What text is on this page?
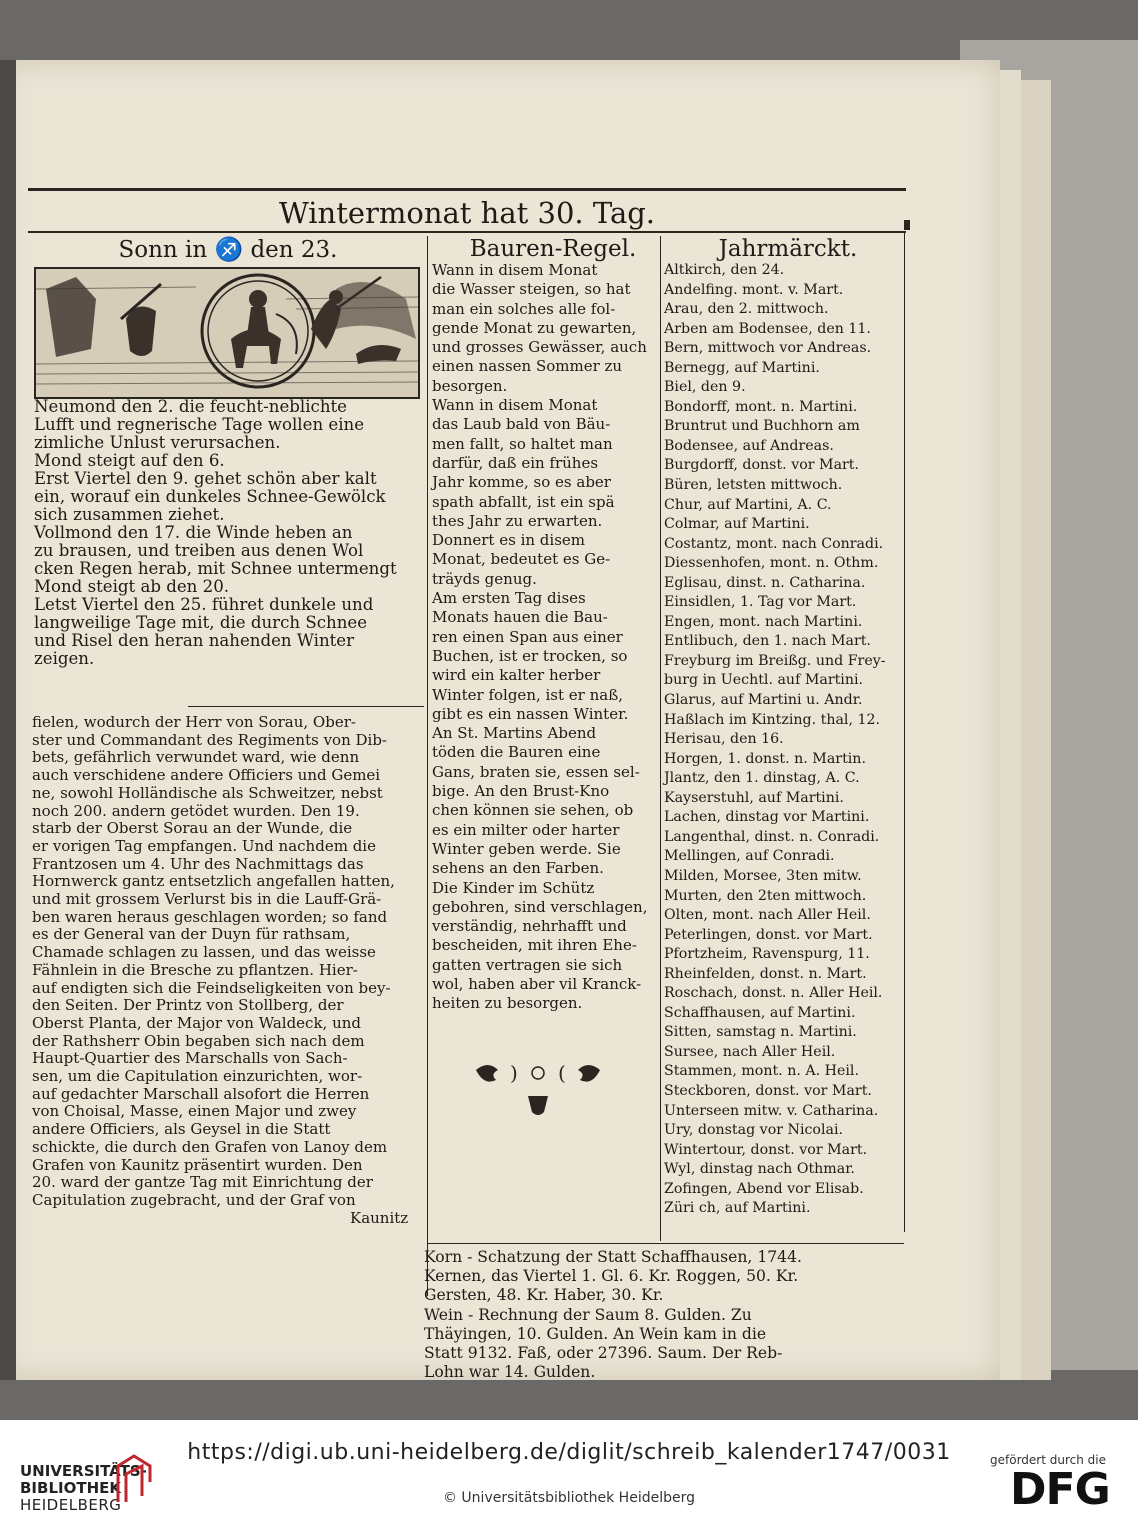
Wintermonat hat 30. Tag.
Sonn in ♐ den 23.	Bauren-Regel.	Jahrmärckt.
Neumond den 2. die feucht-neblichte
Lufft und regnerische Tage wollen eine
zimliche Unlust verursachen.
Mond steigt auf den 6.
Erst Viertel den 9. gehet schön aber kalt
ein, worauf ein dunkeles Schnee-Gewölck
sich zusammen ziehet.
Vollmond den 17. die Winde heben an
zu brausen, und treiben aus denen Wol
cken Regen herab, mit Schnee untermengt
Mond steigt ab den 20.
Letst Viertel den 25. führet dunkele und
langweilige Tage mit, die durch Schnee
und Risel den heran nahenden Winter
zeigen.
fielen, wodurch der Herr von Sorau, Ober-
ster und Commandant des Regiments von Dib-
bets, gefährlich verwundet ward, wie denn
auch verschidene andere Officiers und Gemei
ne, sowohl Holländische als Schweitzer, nebst
noch 200. andern getödet wurden. Den 19.
starb der Oberst Sorau an der Wunde, die
er vorigen Tag empfangen. Und nachdem die
Frantzosen um 4. Uhr des Nachmittags das
Hornwerck gantz entsetzlich angefallen hatten,
und mit grossem Verlurst bis in die Lauff-Grä-
ben waren heraus geschlagen worden; so fand
es der General van der Duyn für rathsam,
Chamade schlagen zu lassen, und das weisse
Fähnlein in die Bresche zu pflantzen. Hier-
auf endigten sich die Feindseligkeiten von bey-
den Seiten. Der Printz von Stollberg, der
Oberst Planta, der Major von Waldeck, und
der Rathsherr Obin begaben sich nach dem
Haupt-Quartier des Marschalls von Sach-
sen, um die Capitulation einzurichten, wor-
auf gedachter Marschall alsofort die Herren
von Choisal, Masse, einen Major und zwey
andere Officiers, als Geysel in die Statt
schickte, die durch den Grafen von Lanoy dem
Grafen von Kaunitz präsentirt wurden. Den
20. ward der gantze Tag mit Einrichtung der
Capitulation zugebracht, und der Graf von
Kaunitz
Wann in disem Monat
die Wasser steigen, so hat
man ein solches alle fol-
gende Monat zu gewarten,
und grosses Gewässer, auch
einen nassen Sommer zu
besorgen.
Wann in disem Monat
das Laub bald von Bäu-
men fallt, so haltet man
darfür, daß ein frühes
Jahr komme, so es aber
spath abfallt, ist ein spä
thes Jahr zu erwarten.
Donnert es in disem
Monat, bedeutet es Ge-
träyds genug.
Am ersten Tag dises
Monats hauen die Bau-
ren einen Span aus einer
Buchen, ist er trocken, so
wird ein kalter herber
Winter folgen, ist er naß,
gibt es ein nassen Winter.
An St. Martins Abend
töden die Bauren eine
Gans, braten sie, essen sel-
bige. An den Brust-Kno
chen können sie sehen, ob
es ein milter oder harter
Winter geben werde. Sie
sehens an den Farben.
Die Kinder im Schütz
gebohren, sind verschlagen,
verständig, nehrhafft und
bescheiden, mit ihren Ehe-
gatten vertragen sie sich
wol, haben aber vil Kranck-
heiten zu besorgen.
) (
Altkirch, den 24.
Andelfing. mont. v. Mart.
Arau, den 2. mittwoch.
Arben am Bodensee, den 11.
Bern, mittwoch vor Andreas.
Bernegg, auf Martini.
Biel, den 9.
Bondorff, mont. n. Martini.
Bruntrut und Buchhorn am
Bodensee, auf Andreas.
Burgdorff, donst. vor Mart.
Büren, letsten mittwoch.
Chur, auf Martini, A. C.
Colmar, auf Martini.
Costantz, mont. nach Conradi.
Diessenhofen, mont. n. Othm.
Eglisau, dinst. n. Catharina.
Einsidlen, 1. Tag vor Mart.
Engen, mont. nach Martini.
Entlibuch, den 1. nach Mart.
Freyburg im Breißg. und Frey-
burg in Uechtl. auf Martini.
Glarus, auf Martini u. Andr.
Haßlach im Kintzing. thal, 12.
Herisau, den 16.
Horgen, 1. donst. n. Martin.
Jlantz, den 1. dinstag, A. C.
Kayserstuhl, auf Martini.
Lachen, dinstag vor Martini.
Langenthal, dinst. n. Conradi.
Mellingen, auf Conradi.
Milden, Morsee, 3ten mitw.
Murten, den 2ten mittwoch.
Olten, mont. nach Aller Heil.
Peterlingen, donst. vor Mart.
Pfortzheim, Ravenspurg, 11.
Rheinfelden, donst. n. Mart.
Roschach, donst. n. Aller Heil.
Schaffhausen, auf Martini.
Sitten, samstag n. Martini.
Sursee, nach Aller Heil.
Stammen, mont. n. A. Heil.
Steckboren, donst. vor Mart.
Unterseen mitw. v. Catharina.
Ury, donstag vor Nicolai.
Wintertour, donst. vor Mart.
Wyl, dinstag nach Othmar.
Zofingen, Abend vor Elisab.
Züri ch, auf Martini.
Korn - Schatzung der Statt Schaffhausen, 1744.
Kernen, das Viertel 1. Gl. 6. Kr. Roggen, 50. Kr.
Gersten, 48. Kr. Haber, 30. Kr.
Wein - Rechnung der Saum 8. Gulden. Zu
Thäyingen, 10. Gulden. An Wein kam in die
Statt 9132. Faß, oder 27396. Saum. Der Reb-
Lohn war 14. Gulden.
UNIVERSITÄTS-
BIBLIOTHEK
HEIDELBERG
https://digi.ub.uni-heidelberg.de/diglit/schreib_kalender1747/0031
© Universitätsbibliothek Heidelberg
gefördert durch die
DFG
